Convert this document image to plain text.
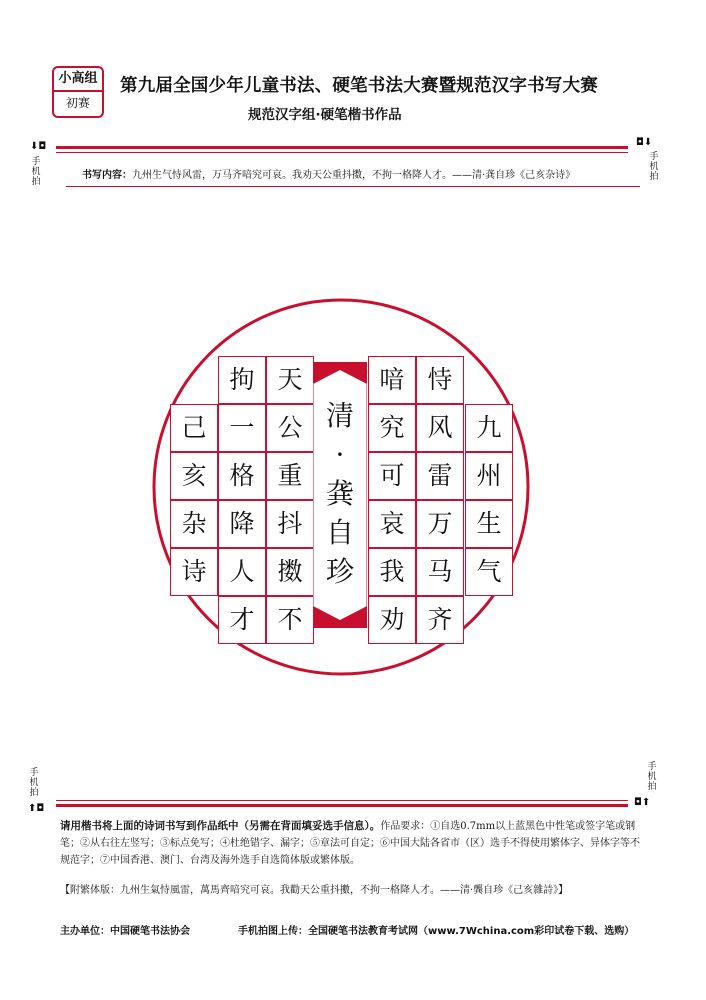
小高组
初赛
第九届全国少年儿童书法、硬笔书法大赛暨规范汉字书写大赛
规范汉字组·硬笔楷书作品
⬇◘
手机拍
◘⬇
手机拍
书写内容：九州生气恃风雷，万马齐喑究可哀。我劝天公重抖擞，不拘一格降人才。——清·龚自珍《己亥杂诗》
九
州
生
气
恃
风
雷
万
马
齐
喑
究
可
哀
我
劝
天
公
重
抖
擞
不
拘
一
格
降
人
才
己
亥
杂
诗
清
·
龚
自
珍
手机拍
⬆◘
手机拍
◘⬆
请用楷书将上面的诗词书写到作品纸中（另需在背面填妥选手信息）。作品要求：①自选0.7mm以上蓝黑色中性笔或签字笔或钢笔；②从右往左竖写；③标点免写；④杜绝错字、漏字；⑤章法可自定；⑥中国大陆各省市（区）选手不得使用繁体字、异体字等不规范字；⑦中国香港、澳门、台湾及海外选手自选简体版或繁体版。
【附繁体版：九州生氣恃風雷，萬馬齊喑究可哀。我勸天公重抖擻，不拘一格降人才。——清·龔自珍《己亥雜詩》】
主办单位：中国硬笔书法协会	手机拍图上传：全国硬笔书法教育考试网（www.7Wchina.com彩印试卷下载、选购）
